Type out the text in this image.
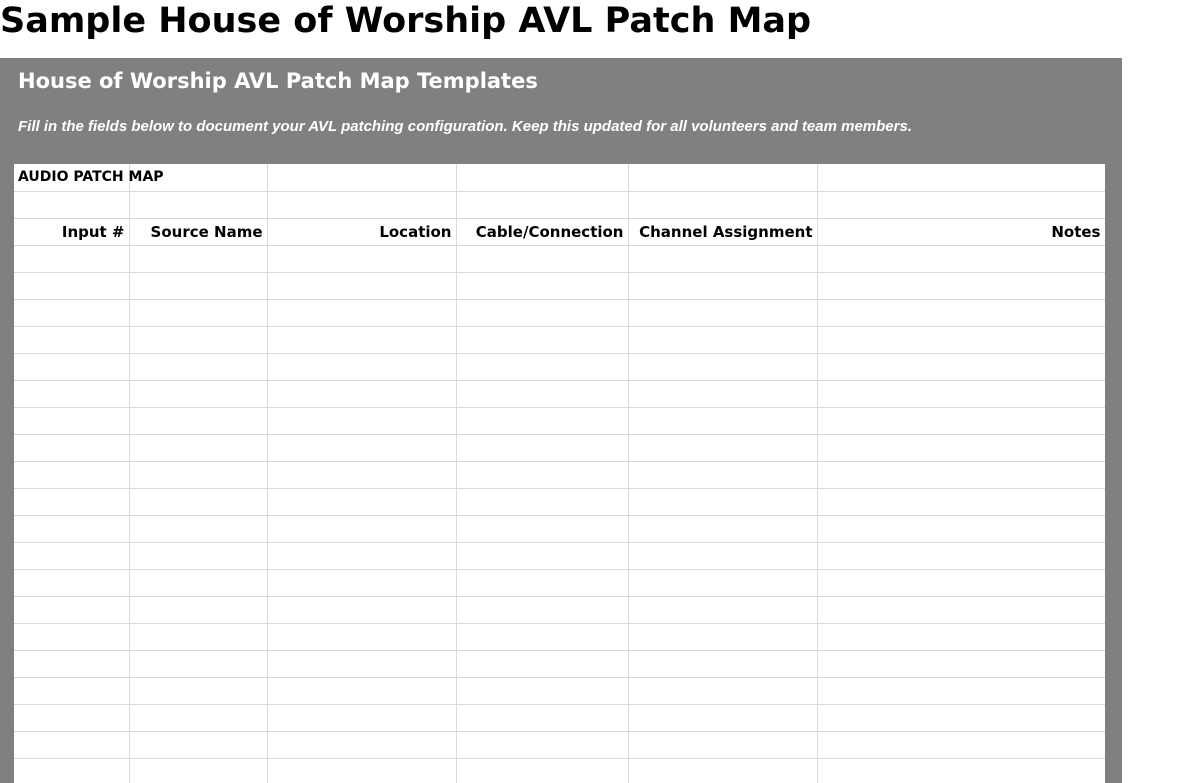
Sample House of Worship AVL Patch Map
House of Worship AVL Patch Map Templates
Fill in the fields below to document your AVL patching configuration. Keep this updated for all volunteers and team members.
AUDIO PATCH MAP					

Input #	Source Name	Location	Cable/Connection	Channel Assignment	Notes
